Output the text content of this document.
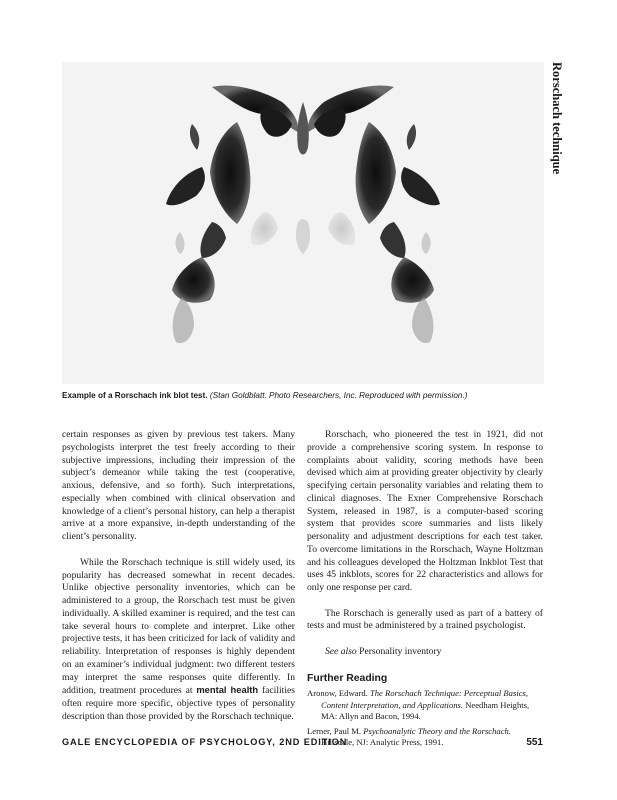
Rorschach technique
Example of a Rorschach ink blot test. (Stan Goldblatt. Photo Researchers, Inc. Reproduced with permission.)

certain responses as given by previous test takers. Many psychologists interpret the test freely according to their subjective impressions, including their impression of the subject’s demeanor while taking the test (cooperative, anxious, defensive, and so forth). Such interpretations, especially when combined with clinical observation and knowledge of a client’s personal history, can help a therapist arrive at a more expansive, in-depth understanding of the client’s personality.

While the Rorschach technique is still widely used, its popularity has decreased somewhat in recent decades. Unlike objective personality inventories, which can be administered to a group, the Rorschach test must be given individually. A skilled examiner is required, and the test can take several hours to complete and interpret. Like other projective tests, it has been criticized for lack of validity and reliability. Interpretation of responses is highly dependent on an examiner’s individual judgment: two different testers may interpret the same responses quite differently. In addition, treatment procedures at mental health facilities often require more specific, objective types of personality description than those provided by the Rorschach technique.

Rorschach, who pioneered the test in 1921, did not provide a comprehensive scoring system. In response to complaints about validity, scoring methods have been devised which aim at providing greater objectivity by clearly specifying certain personality variables and relating them to clinical diagnoses. The Exner Comprehensive Rorschach System, released in 1987, is a computer-based scoring system that provides score summaries and lists likely personality and adjustment descriptions for each test taker. To overcome limitations in the Rorschach, Wayne Holtzman and his colleagues developed the Holtzman Inkblot Test that uses 45 inkblots, scores for 22 characteristics and allows for only one response per card.

The Rorschach is generally used as part of a battery of tests and must be administered by a trained psychologist.

See also Personality inventory

Further Reading

Aronow, Edward. The Rorschach Technique: Perceptual Basics, Content Interpretation, and Applications. Needham Heights, MA: Allyn and Bacon, 1994.

Lerner, Paul M. Psychoanalytic Theory and the Rorschach. Hillsdale, NJ: Analytic Press, 1991.

GALE ENCYCLOPEDIA OF PSYCHOLOGY, 2ND EDITION	551
